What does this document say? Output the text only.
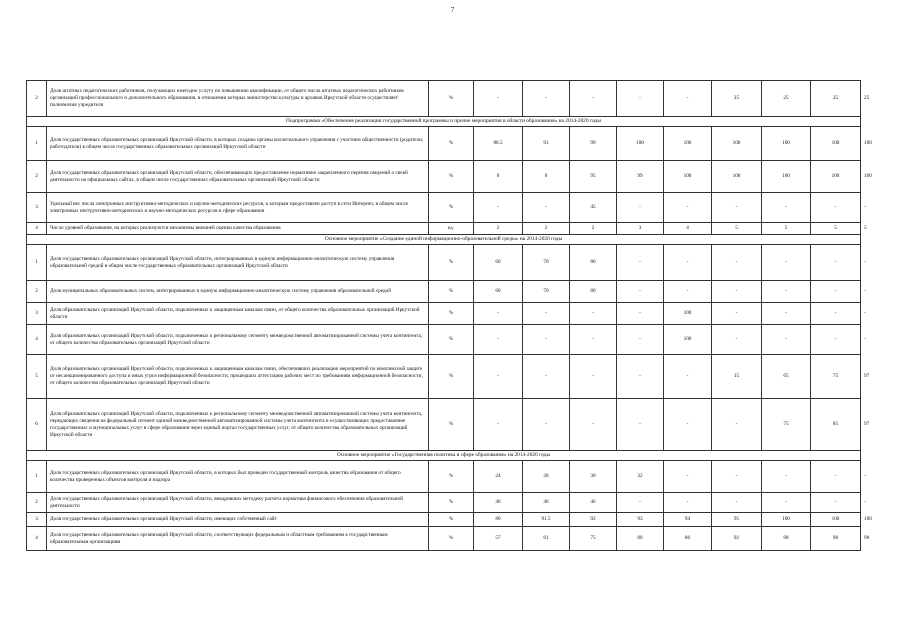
7
2	Доля штатных педагогических работников, получающих ежегодно услугу по повышению квалификации, от общего числа штатных педагогических работников организаций профессионального и дополнительного образования, в отношении которых министерство культуры и архивов Иркутской области осуществляет полномочия учредителя	%	-	-	-	-	-	25	25	25	25
Подпрограмма «Обеспечение реализации государственной программы и прочие мероприятия в области образования» на 2014-2020 годы											
1	Доля государственных образовательных организаций Иркутской области, в которых созданы органы коллегиального управления с участием общественности (родители, работодатели) в общем числе государственных образовательных организаций Иркутской области	%	88.5	91	99	100	100	100	100	100	100
2	Доля государственных образовательных организаций Иркутской области, обеспечивающих предоставление нормативно закрепленного перечня сведений о своей деятельности на официальных сайтах, в общем числе государственных образовательных организаций Иркутской области	%	0	0	95	99	100	100	100	100	100
3	Удельный вес числа электронных инструктивно-методических и научно-методических ресурсов, к которым предоставлен доступ в сети Интернет, в общем числе электронных инструктивно-методических и научно-методических ресурсов в сфере образования	%	-	-	45	-	-	-	-	-	-
4	Число уровней образования, на которых реализуются механизмы внешней оценки качества образования	ед.	2	2	2	3	4	5	5	5	5
Основное мероприятие «Создание единой информационно-образовательной среды» на 2014-2020 годы											
1	Доля государственных образовательных организаций Иркутской области, интегрированных в единую информационно-аналитическую систему управления образовательной средой в общем числе государственных образовательных организаций Иркутской области	%	60	70	80	-	-	-	-	-	-
2	Доля муниципальных образовательных систем, интегрированных в единую информационно-аналитическую систему управления образовательной средой	%	60	70	80	-	-	-	-	-	-
3	Доля образовательных организаций Иркутской области, подключенных к защищенным каналам связи, от общего количества образовательных организаций Иркутской области	%	-	-	-	-	100	-	-	-	-
4	Доля образовательных организаций Иркутской области, подключенных к региональному сегменту межведомственной автоматизированной системы учета контингента, от общего количества образовательных организаций Иркутской области	%	-	-	-	-	100	-	-	-	-
5	Доля образовательных организаций Иркутской области, подключенных к защищенным каналам связи, обеспечивших реализацию мероприятий по комплексной защите от несанкционированного доступа и иных угроз информационной безопасности, прошедших аттестацию рабочих мест по требованиям информационной безопасности, от общего количества образовательных организаций Иркутской области	%	-	-	-	-	-	15	65	75	97
6	Доля образовательных организаций Иркутской области, подключенных к региональному сегменту межведомственной автоматизированной системы учета контингента, передающих сведения на федеральный сегмент единой межведомственной автоматизированной системы учета контингента и осуществляющих предоставление государственных и муниципальных услуг в сфере образования через единый портал государственных услуг, от общего количества образовательных организаций Иркутской области	%	-	-	-	-	-	-	75	85	97
Основное мероприятие «Государственная политика в сфере образования» на 2014-2020 годы											
1	Доля государственных образовательных организаций Иркутской области, в которых был проведен государственный контроль качества образования от общего количества проверенных объектов контроля и надзора	%	24	28	30	32	-	-	-	-	-
2	Доля государственных образовательных организаций Иркутской области, внедривших методику расчета норматива финансового обеспечения образовательной деятельности	%	46	46	46	-	-	-	-	-	-
3	Доля государственных образовательных организаций Иркутской области, имеющих собственный сайт	%	80	91.5	92	93	94	95	100	100	100
4	Доля государственных образовательных организаций Иркутской области, соответствующих федеральным и областным требованиям к государственным образовательным организациям	%	57	61	75	80	86	92	98	98	98
